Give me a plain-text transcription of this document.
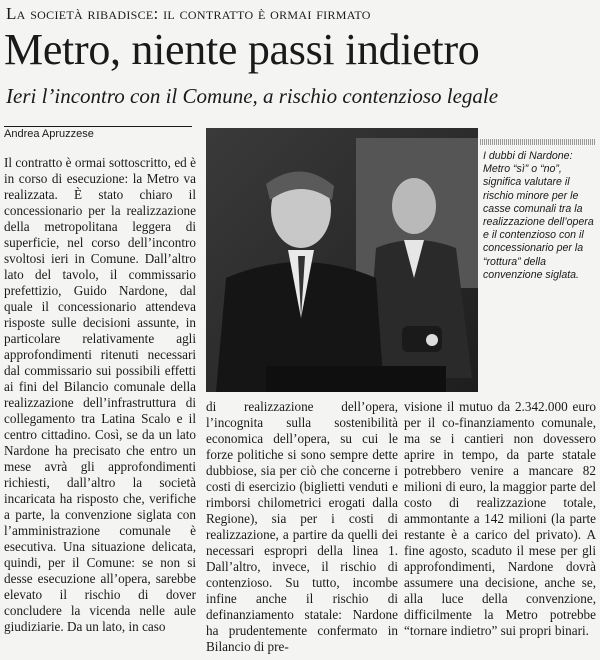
La società ribadisce: il contratto è ormai firmato
Metro, niente passi indietro
Ieri l’incontro con il Comune, a rischio contenzioso legale
Andrea Apruzzese
Il contratto è ormai sottoscritto, ed è in corso di esecuzione: la Metro va realizzata. È stato chiaro il concessionario per la realizzazione della metropolitana leggera di superficie, nel corso dell’incontro svoltosi ieri in Comune. Dall’altro lato del tavolo, il commissario prefettizio, Guido Nardone, dal quale il concessionario attendeva risposte sulle decisioni assunte, in particolare relativamente agli approfondimenti ritenuti necessari dal commissario sui possibili effetti ai fini del Bilancio comunale della realizzazione dell’infrastruttura di collegamento tra Latina Scalo e il centro cittadino. Così, se da un lato Nardone ha precisato che entro un mese avrà gli approfondimenti richiesti, dall’altro la società incaricata ha risposto che, verifiche a parte, la convenzione siglata con l’amministrazione comunale è esecutiva. Una situazione delicata, quindi, per il Comune: se non si desse esecuzione all’opera, sarebbe elevato il rischio di dover concludere la vicenda nelle aule giudiziarie. Da un lato, in caso
I dubbi di Nardone: Metro “sì” o “no”, significa valutare il rischio minore per le casse comunali tra la realizzazione dell’opera e il contenzioso con il concessionario per la “rottura” della convenzione siglata.
di realizzazione dell’opera, l’incognita sulla sostenibilità economica dell’opera, su cui le forze politiche si sono sempre dette dubbiose, sia per ciò che concerne i costi di esercizio (biglietti venduti e rimborsi chilometrici erogati dalla Regione), sia per i costi di realizzazione, a partire da quelli dei necessari espropri della linea 1. Dall’altro, invece, il rischio di contenzioso. Su tutto, incombe infine anche il rischio di definanziamento statale: Nardone ha prudentemente confermato in Bilancio di pre-
visione il mutuo da 2.342.000 euro per il co-finanziamento comunale, ma se i cantieri non dovessero aprire in tempo, da parte statale potrebbero venire a mancare 82 milioni di euro, la maggior parte del costo di realizzazione totale, ammontante a 142 milioni (la parte restante è a carico del privato). A fine agosto, scaduto il mese per gli approfondimenti, Nardone dovrà assumere una decisione, anche se, alla luce della convenzione, difficilmente la Metro potrebbe “tornare indietro” sui propri binari.
